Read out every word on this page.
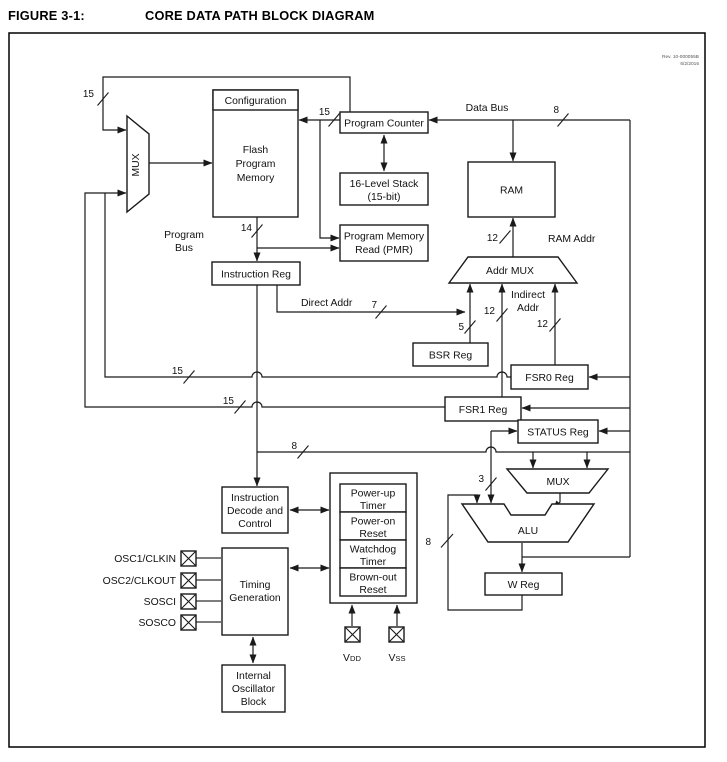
FIGURE 3-1:	CORE DATA PATH BLOCK DIAGRAM
Rev. 10-000055B
6/2/2016
15
15	8
14
7
12
5
12
12
15
15
8
3
8
Data Bus
Program
Bus
RAM Addr
Direct Addr
Indirect
Addr
Configuration
Flash
Program
Memory
MUX
Program Counter
16-Level Stack
(15-bit)
RAM
Program Memory
Read (PMR)
Instruction Reg	Addr MUX
BSR Reg
FSR0 Reg
FSR1 Reg
STATUS Reg
MUX
ALU
W Reg
Instruction
Decode and
Control
Timing
Generation
Power-up
Timer
Power-on
Reset
Watchdog
Timer
Brown-out
Reset
Internal
Oscillator
Block
OSC1/CLKIN
OSC2/CLKOUT
SOSCI
SOSCO
VDD	VSS
